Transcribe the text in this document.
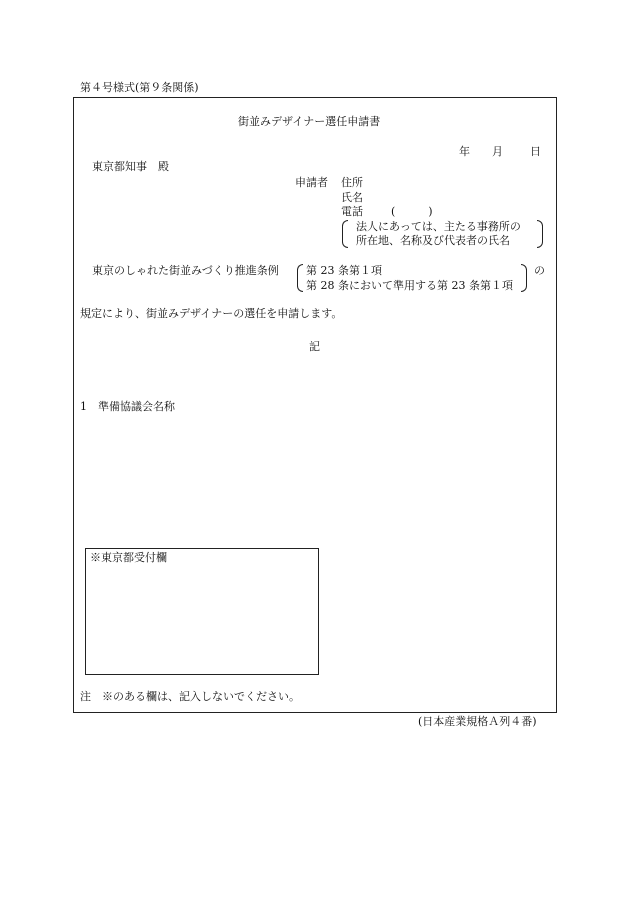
第４号様式(第９条関係)
街並みデザイナー選任申請書
年 月 日
東京都知事　殿
申請者 住所
氏名
電話	(　　　)
法人にあっては、主たる事務所の
所在地、名称及び代表者の氏名
東京のしゃれた街並みづくり推進条例 第 23 条第１項
第 28 条において準用する第 23 条第１項
の
規定により、街並みデザイナーの選任を申請します。
記
1　準備協議会名称
※東京都受付欄
注　※のある欄は、記入しないでください。
(日本産業規格Ａ列４番)
